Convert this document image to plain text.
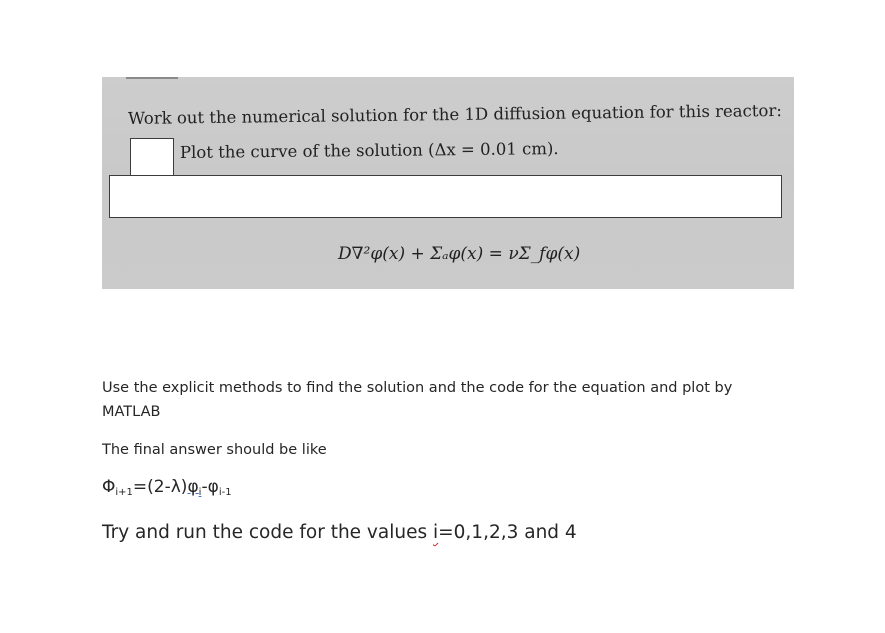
Work out the numerical solution for the 1D diffusion equation for this reactor:
Plot the curve of the solution (Δx = 0.01 cm).
D∇²φ(x) + Σₐφ(x) = νΣ_fφ(x)
Use the explicit methods to find the solution and the code for the equation and plot by MATLAB
The final answer should be like
$\Phi_{i+1}=(2-\lambda)\varphi_i-\varphi_{i-1}$
Try and run the code for the values i=0,1,2,3 and 4
